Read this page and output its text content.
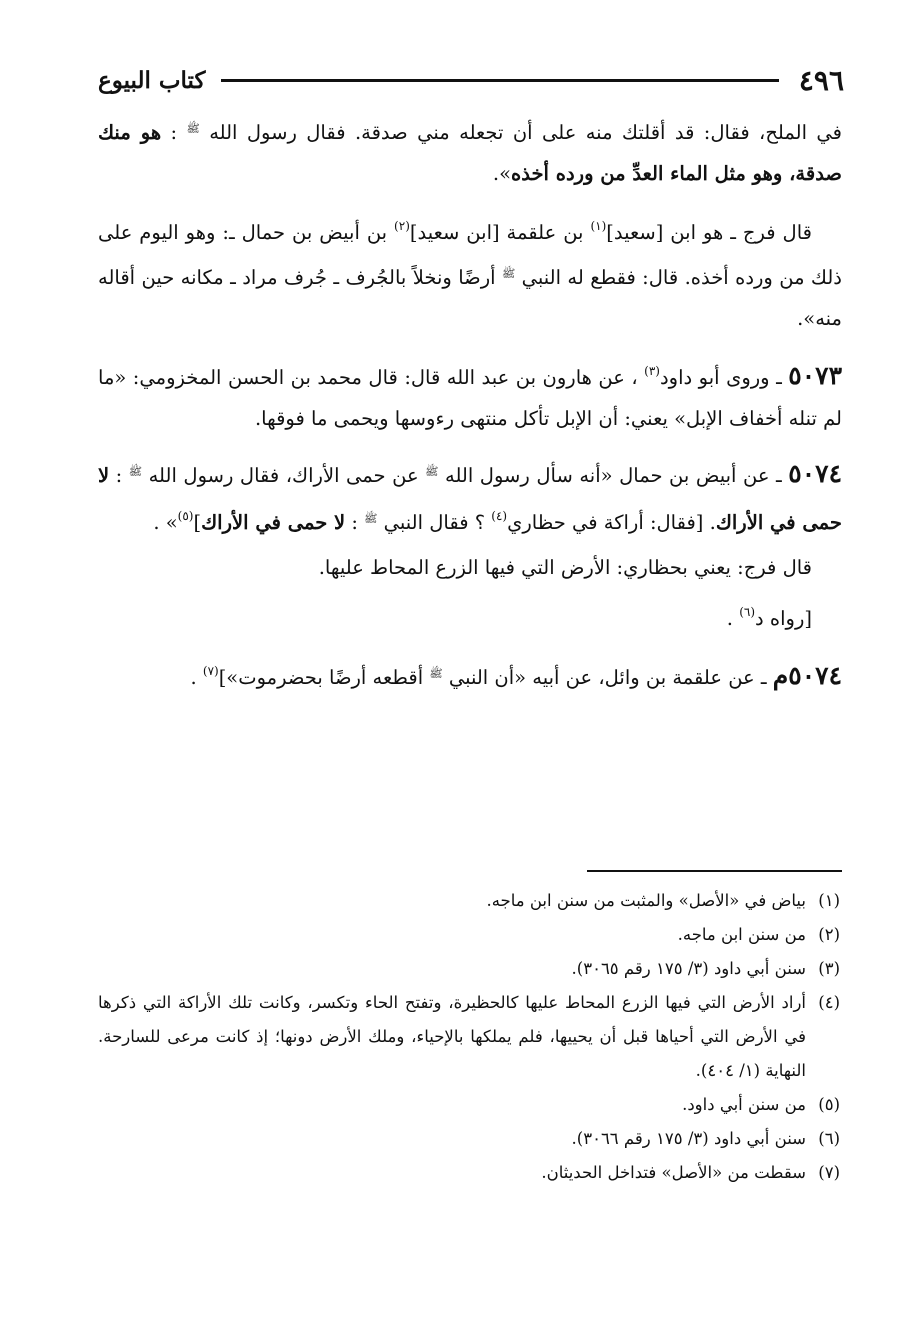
٤٩٦
كتاب البيوع

في الملح، فقال: قد أقلتك منه على أن تجعله مني صدقة. فقال رسول الله $^ﷺ$ : هو منك صدقة، وهو مثل الماء العدِّ من ورده أخذه».

قال فرج ـ هو ابن [سعيد]$^{(١)}$ بن علقمة [ابن سعيد]$^{(٢)}$ بن أبيض بن حمال ـ: وهو اليوم على ذلك من ورده أخذه. قال: فقطع له النبي $^ﷺ$ أرضًا ونخلاً بالجُرف ـ جُرف مراد ـ مكانه حين أقاله منه».

٥٠٧٣ ـ وروى أبو داود$^{(٣)}$ ، عن هارون بن عبد الله قال: قال محمد بن الحسن المخزومي: «ما لم تنله أخفاف الإبل» يعني: أن الإبل تأكل منتهى رءوسها ويحمى ما فوقها.

٥٠٧٤ ـ عن أبيض بن حمال «أنه سأل رسول الله $^ﷺ$ عن حمى الأراك، فقال رسول الله $^ﷺ$ : لا حمى في الأراك. [فقال: أراكة في حظاري$^{(٤)}$ ؟ فقال النبي $^ﷺ$ : لا حمى في الأراك]$^{(٥)}$» .

قال فرج: يعني بحظاري: الأرض التي فيها الزرع المحاط عليها.

[رواه د$^{(٦)}$ .

٥٠٧٤م ـ عن علقمة بن وائل، عن أبيه «أن النبي $^ﷺ$ أقطعه أرضًا بحضرموت»]$^{(٧)}$ .

(١)
بياض في «الأصل» والمثبت من سنن ابن ماجه.
(٢)
من سنن ابن ماجه.
(٣)
سنن أبي داود (٣/ ١٧٥ رقم ٣٠٦٥).
(٤)
أراد الأرض التي فيها الزرع المحاط عليها كالحظيرة، وتفتح الحاء وتكسر، وكانت تلك الأراكة التي ذكرها في الأرض التي أحياها قبل أن يحييها، فلم يملكها بالإحياء، وملك الأرض دونها؛ إذ كانت مرعى للسارحة. النهاية (١/ ٤٠٤).
(٥)
من سنن أبي داود.
(٦)
سنن أبي داود (٣/ ١٧٥ رقم ٣٠٦٦).
(٧)
سقطت من «الأصل» فتداخل الحديثان.
